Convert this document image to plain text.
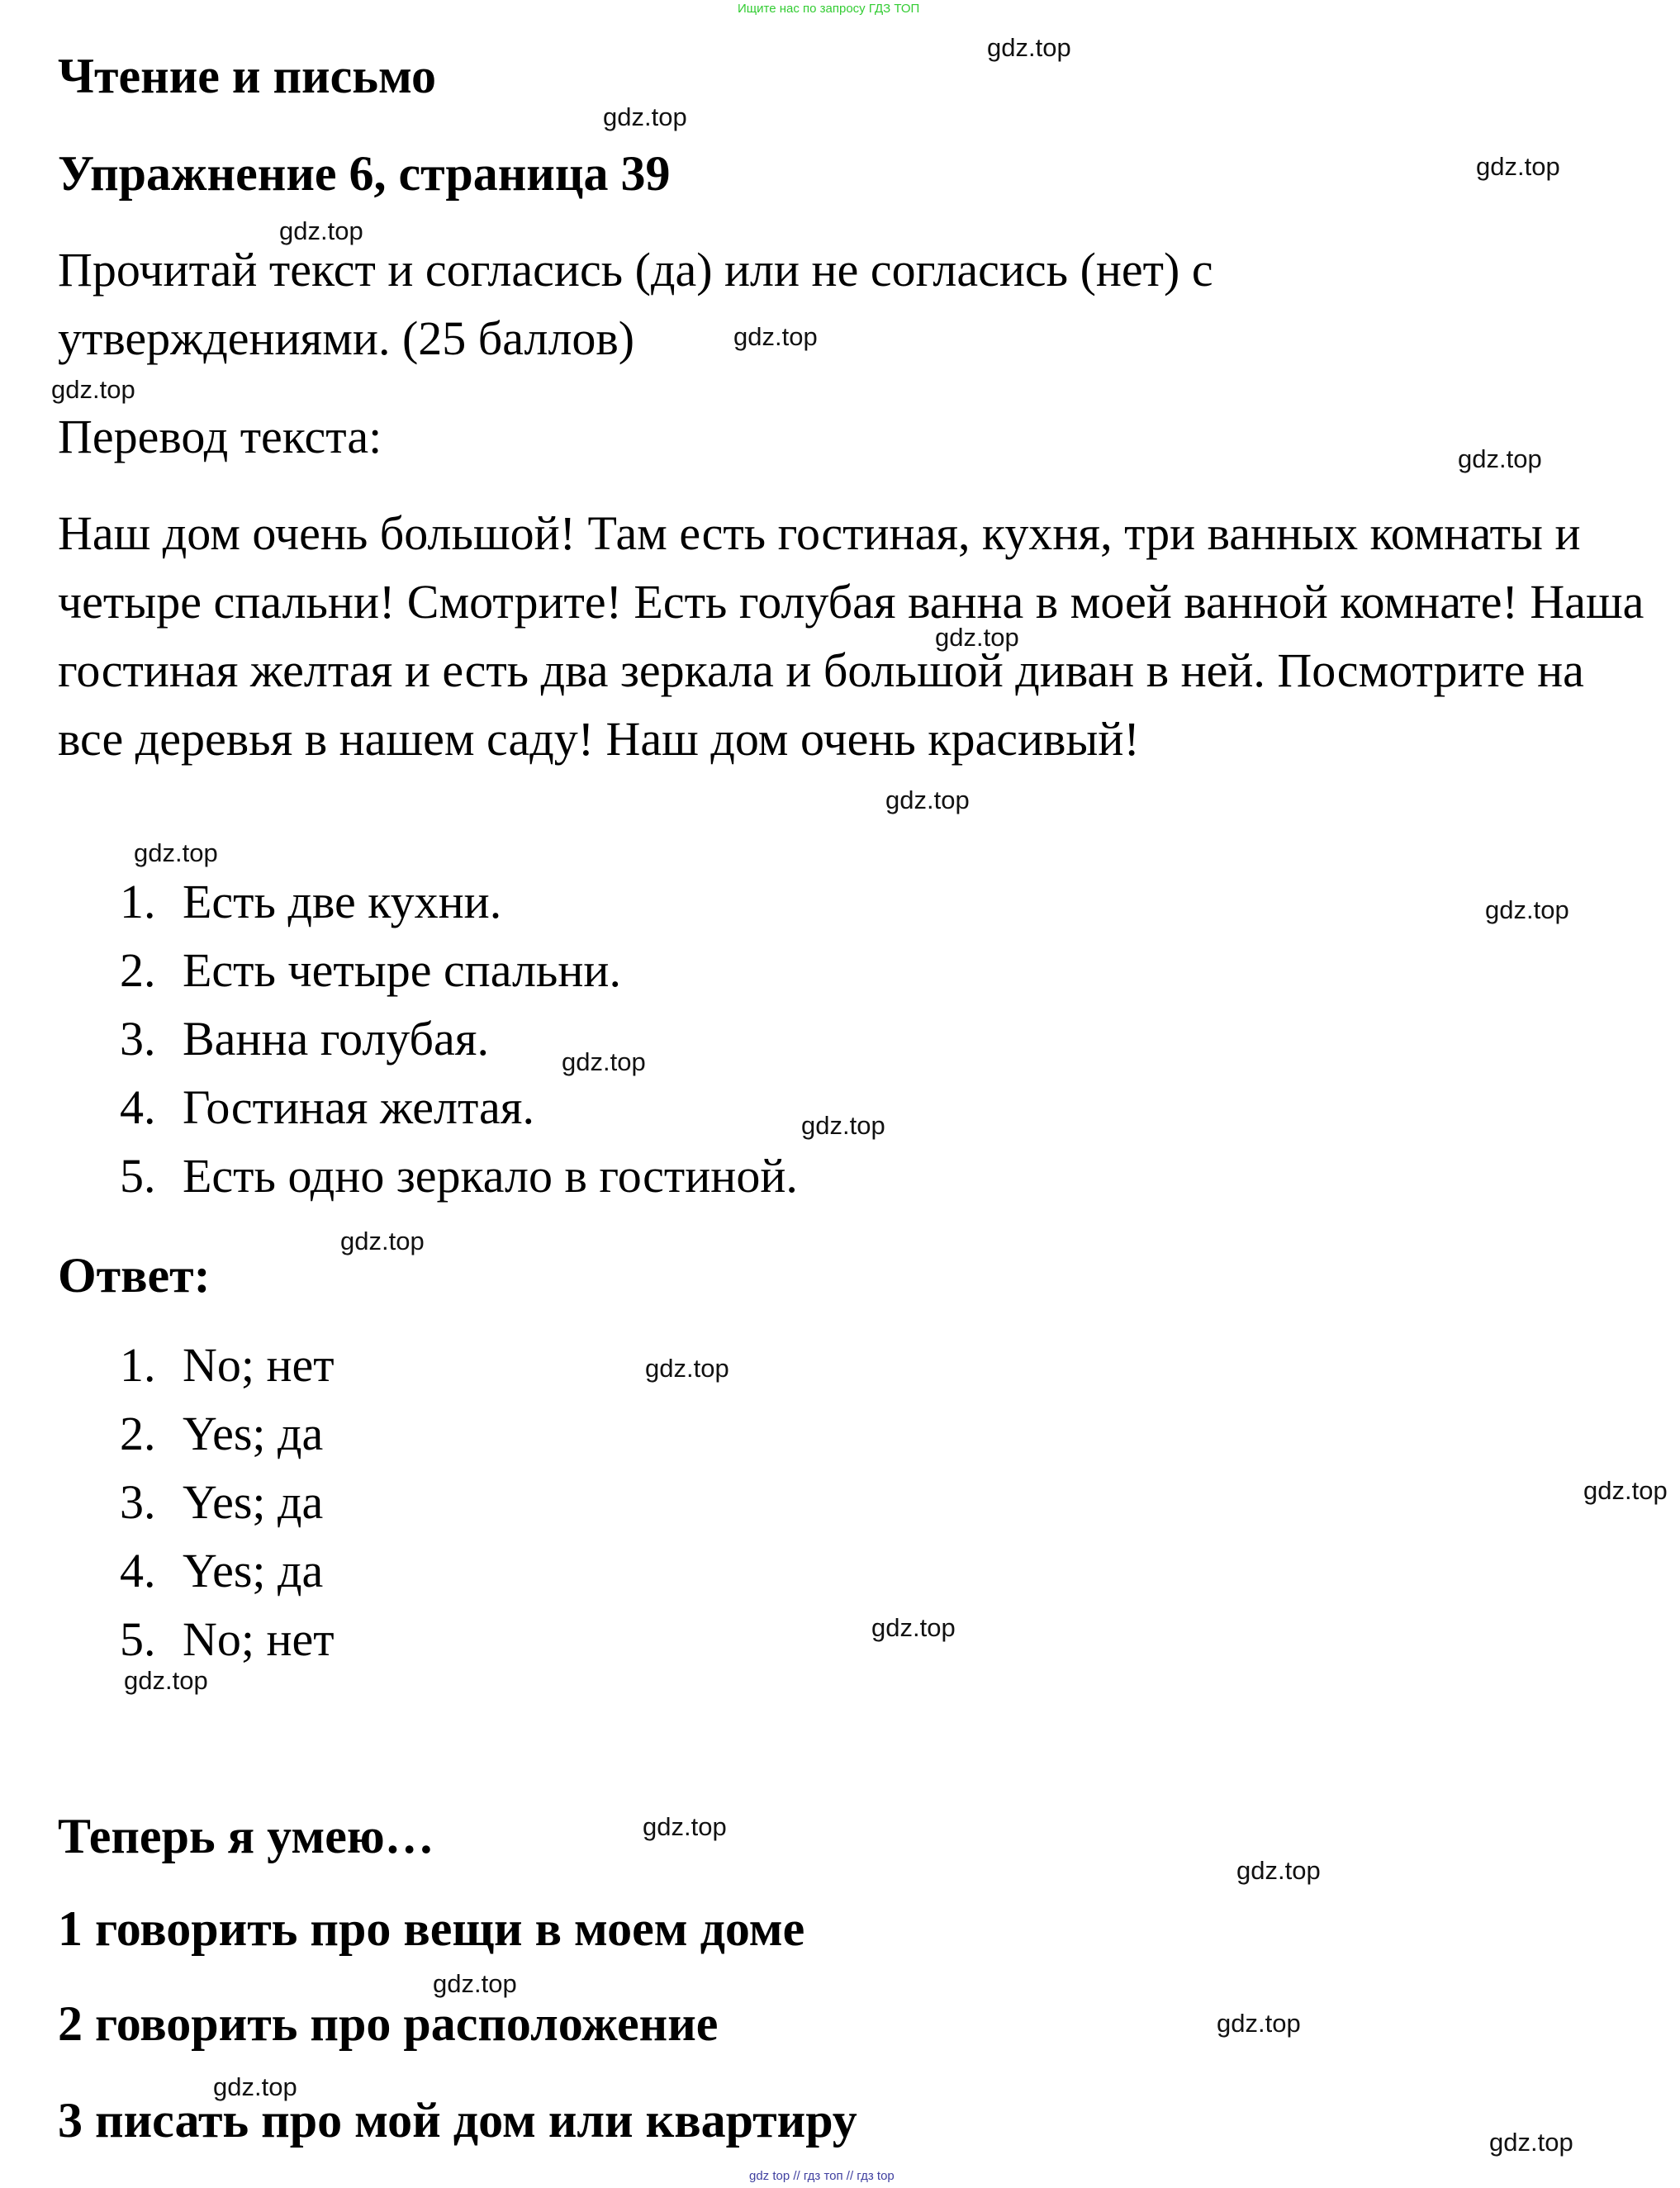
Ищите нас по запросу ГДЗ ТОП
Чтение и письмо
Упражнение 6, страница 39
Прочитай текст и согласись (да) или не согласись (нет) с утверждениями. (25 баллов)
Перевод текста:
Наш дом очень большой! Там есть гостиная, кухня, три ванных комнаты и четыре спальни! Смотрите! Есть голубая ванна в моей ванной комнате! Наша гостиная желтая и есть два зеркала и большой диван в ней. Посмотрите на все деревья в нашем саду! Наш дом очень красивый!
1. Есть две кухни.
2. Есть четыре спальни.
3. Ванна голубая.
4. Гостиная желтая.
5. Есть одно зеркало в гостиной.
Ответ:
1. No; нет
2. Yes; да
3. Yes; да
4. Yes; да
5. No; нет
Теперь я умею…
1 говорить про вещи в моем доме
2 говорить про расположение
3 писать про мой дом или квартиру
gdz.top
gdz.top
gdz.top
gdz.top
gdz.top
gdz.top
gdz.top
gdz.top
gdz.top
gdz.top
gdz.top
gdz.top
gdz.top
gdz.top
gdz.top
gdz.top
gdz.top
gdz.top
gdz.top
gdz.top
gdz.top
gdz.top
gdz.top
gdz.top
gdz top // гдз топ // гдз top
